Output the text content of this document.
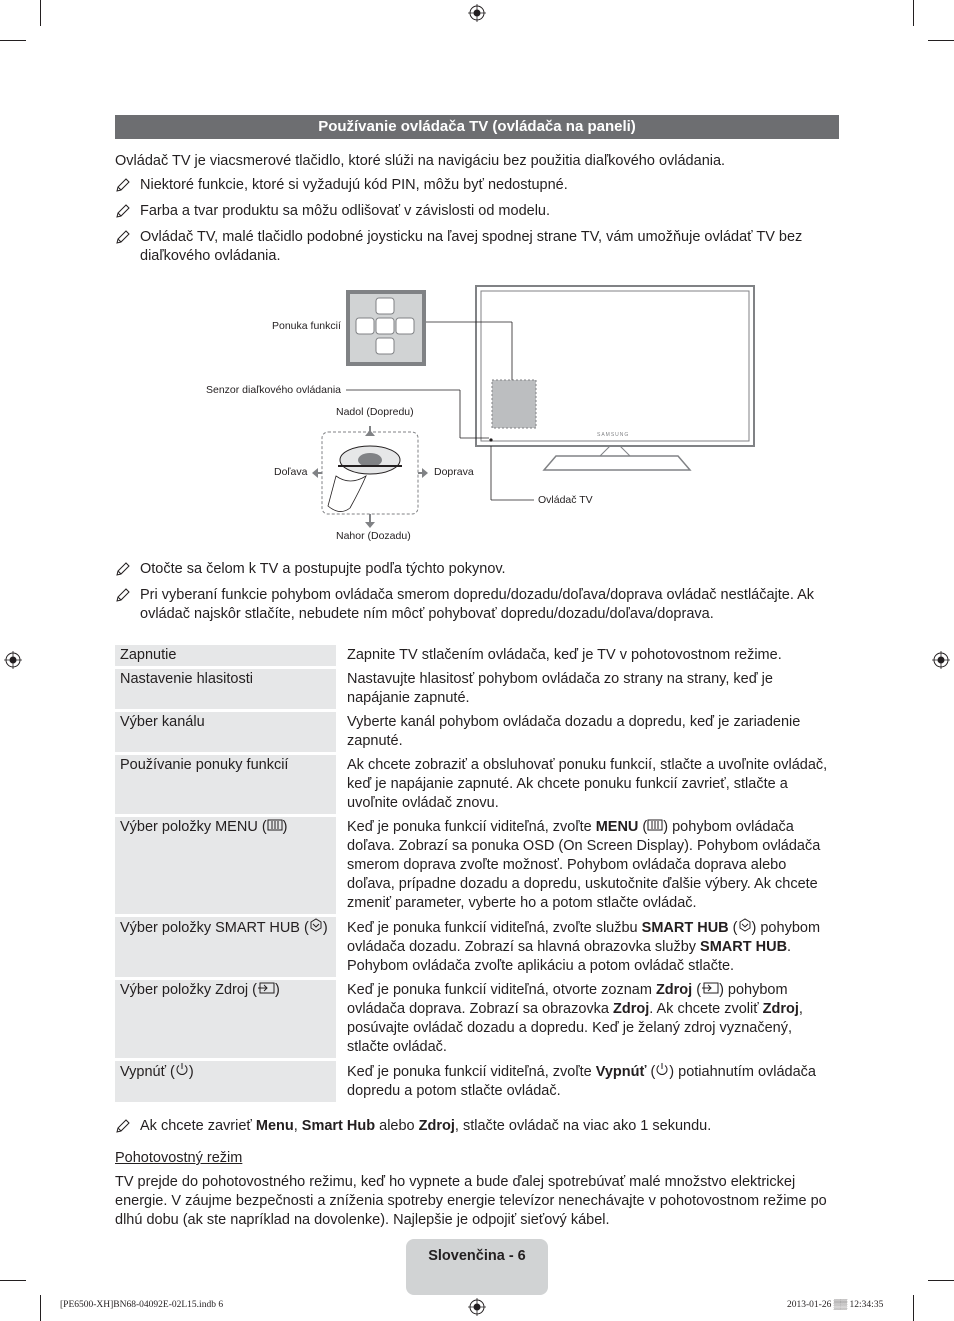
Používanie ovládača TV (ovládača na paneli)
Ovládač TV je viacsmerové tlačidlo, ktoré slúži na navigáciu bez použitia diaľkového ovládania.
Niektoré funkcie, ktoré si vyžadujú kód PIN, môžu byť nedostupné.
Farba a tvar produktu sa môžu odlišovať v závislosti od modelu.
Ovládač TV, malé tlačidlo podobné joysticku na ľavej spodnej strane TV, vám umožňuje ovládať TV bez diaľkového ovládania.
Ponuka funkcií
Senzor diaľkového ovládania
Nadol (Dopredu)
Doľava	Doprava
Nahor (Dozadu)
Ovládač TV
SAMSUNG
Otočte sa čelom k TV a postupujte podľa týchto pokynov.
Pri vyberaní funkcie pohybom ovládača smerom dopredu/dozadu/doľava/doprava ovládač nestláčajte. Ak ovládač najskôr stlačíte, nebudete ním môcť pohybovať dopredu/dozadu/doľava/doprava.
Zapnutie		Zapnite TV stlačením ovládača, keď je TV v pohotovostnom režime.
Nastavenie hlasitosti		Nastavujte hlasitosť pohybom ovládača zo strany na strany, keď je napájanie zapnuté.
Výber kanálu		Vyberte kanál pohybom ovládača dozadu a dopredu, keď je zariadenie zapnuté.
Používanie ponuky funkcií		Ak chcete zobraziť a obsluhovať ponuku funkcií, stlačte a uvoľnite ovládač, keď je napájanie zapnuté. Ak chcete ponuku funkcií zavrieť, stlačte a uvoľnite ovládač znovu.
Výber položky MENU ( )		Keď je ponuka funkcií viditeľná, zvoľte MENU ( ) pohybom ovládača doľava. Zobrazí sa ponuka OSD (On Screen Display). Pohybom ovládača smerom doprava zvoľte možnosť. Pohybom ovládača doprava alebo doľava, prípadne dozadu a dopredu, uskutočnite ďalšie výbery. Ak chcete zmeniť parameter, vyberte ho a potom stlačte ovládač.
Výber položky SMART HUB ( )		Keď je ponuka funkcií viditeľná, zvoľte službu SMART HUB ( ) pohybom ovládača dozadu. Zobrazí sa hlavná obrazovka služby SMART HUB. Pohybom ovládača zvoľte aplikáciu a potom ovládač stlačte.
Výber položky Zdroj ( )		Keď je ponuka funkcií viditeľná, otvorte zoznam Zdroj ( ) pohybom ovládača doprava. Zobrazí sa obrazovka Zdroj. Ak chcete zvoliť Zdroj, posúvajte ovládač dozadu a dopredu. Keď je želaný zdroj vyznačený, stlačte ovládač.
Vypnúť ( )		Keď je ponuka funkcií viditeľná, zvoľte Vypnúť ( ) potiahnutím ovládača dopredu a potom stlačte ovládač.
Ak chcete zavrieť Menu, Smart Hub alebo Zdroj, stlačte ovládač na viac ako 1 sekundu.
Pohotovostný režim
TV prejde do pohotovostného režimu, keď ho vypnete a bude ďalej spotrebúvať malé množstvo elektrickej energie. V záujme bezpečnosti a zníženia spotreby energie televízor nenechávajte v pohotovostnom režime po dlhú dobu (ak ste napríklad na dovolenke). Najlepšie je odpojiť sieťový kábel.
Slovenčina - 6
[PE6500-XH]BN68-04092E-02L15.indb 6	2013-01-26 ▒▒ 12:34:35
